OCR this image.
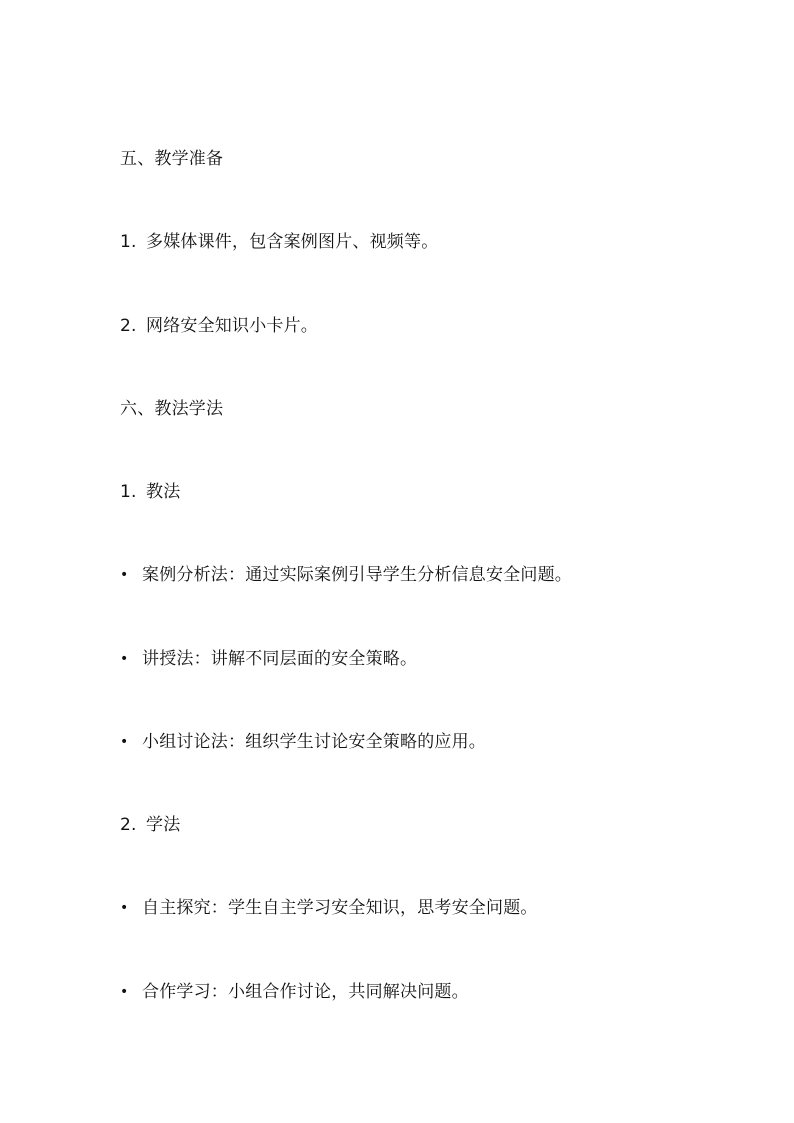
五、教学准备
1. 多媒体课件，包含案例图片、视频等。
2. 网络安全知识小卡片。
六、教法学法
1. 教法
• 案例分析法：通过实际案例引导学生分析信息安全问题。
• 讲授法：讲解不同层面的安全策略。
• 小组讨论法：组织学生讨论安全策略的应用。
2. 学法
• 自主探究：学生自主学习安全知识，思考安全问题。
• 合作学习：小组合作讨论，共同解决问题。
